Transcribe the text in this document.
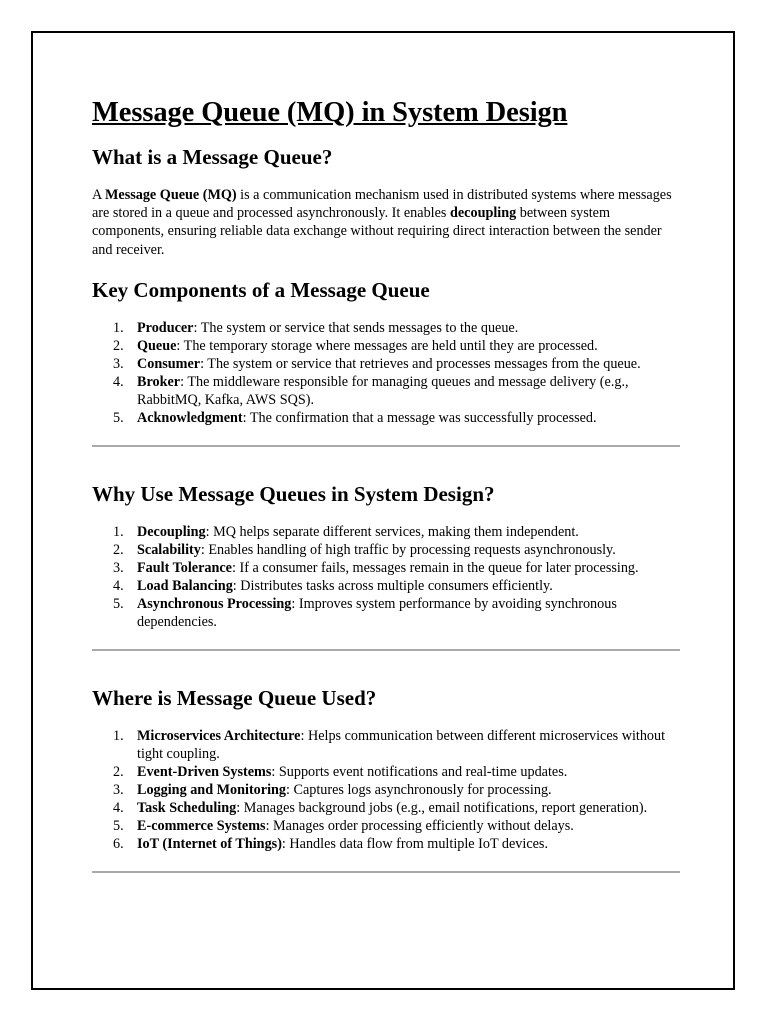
Message Queue (MQ) in System Design
What is a Message Queue?

A Message Queue (MQ) is a communication mechanism used in distributed systems where messages are stored in a queue and processed asynchronously. It enables decoupling between system components, ensuring reliable data exchange without requiring direct interaction between the sender and receiver.

Key Components of a Message Queue
1. Producer: The system or service that sends messages to the queue.
2. Queue: The temporary storage where messages are held until they are processed.
3. Consumer: The system or service that retrieves and processes messages from the queue.
4. Broker: The middleware responsible for managing queues and message delivery (e.g., RabbitMQ, Kafka, AWS SQS).
5. Acknowledgment: The confirmation that a message was successfully processed.
Why Use Message Queues in System Design?
1. Decoupling: MQ helps separate different services, making them independent.
2. Scalability: Enables handling of high traffic by processing requests asynchronously.
3. Fault Tolerance: If a consumer fails, messages remain in the queue for later processing.
4. Load Balancing: Distributes tasks across multiple consumers efficiently.
5. Asynchronous Processing: Improves system performance by avoiding synchronous dependencies.
Where is Message Queue Used?
1. Microservices Architecture: Helps communication between different microservices without tight coupling.
2. Event-Driven Systems: Supports event notifications and real-time updates.
3. Logging and Monitoring: Captures logs asynchronously for processing.
4. Task Scheduling: Manages background jobs (e.g., email notifications, report generation).
5. E-commerce Systems: Manages order processing efficiently without delays.
6. IoT (Internet of Things): Handles data flow from multiple IoT devices.
